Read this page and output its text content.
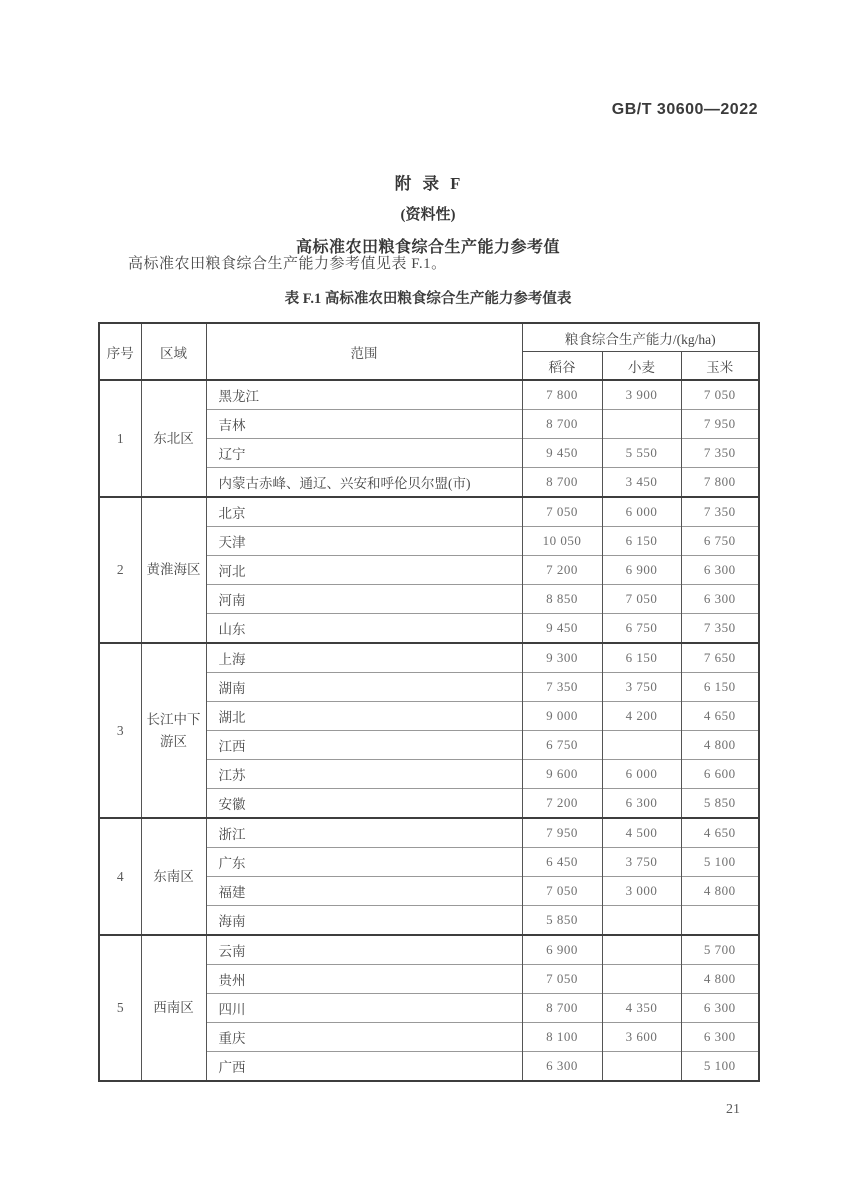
GB/T 30600—2022
附  录  F
(资料性)
高标准农田粮食综合生产能力参考值

高标准农田粮食综合生产能力参考值见表 F.1。

表 F.1 高标准农田粮食综合生产能力参考值表
序号	区域	范围	粮食综合生产能力/(kg/ha)		
			稻谷	小麦	玉米
1	东北区	黑龙江	7 800	3 900	7 050
		吉林	8 700		7 950
		辽宁	9 450	5 550	7 350
		内蒙古赤峰、通辽、兴安和呼伦贝尔盟(市)	8 700	3 450	7 800
2	黄淮海区	北京	7 050	6 000	7 350
		天津	10 050	6 150	6 750
		河北	7 200	6 900	6 300
		河南	8 850	7 050	6 300
		山东	9 450	6 750	7 350
3	长江中下游区	上海	9 300	6 150	7 650
		湖南	7 350	3 750	6 150
		湖北	9 000	4 200	4 650
		江西	6 750		4 800
		江苏	9 600	6 000	6 600
		安徽	7 200	6 300	5 850
4	东南区	浙江	7 950	4 500	4 650
		广东	6 450	3 750	5 100
		福建	7 050	3 000	4 800
		海南	5 850		
5	西南区	云南	6 900		5 700
		贵州	7 050		4 800
		四川	8 700	4 350	6 300
		重庆	8 100	3 600	6 300
		广西	6 300		5 100
21
